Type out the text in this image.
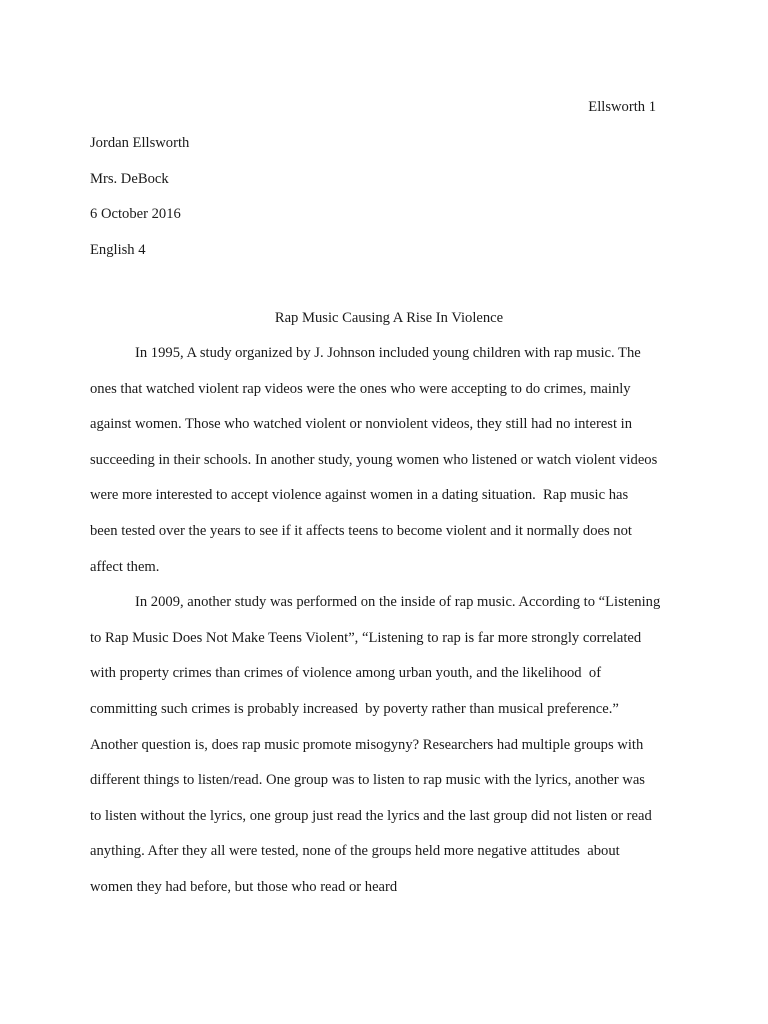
Ellsworth 1
Jordan Ellsworth
Mrs. DeBock
6 October 2016
English 4
Rap Music Causing A Rise In Violence
In 1995, A study organized by J. Johnson included young children with rap music. The
ones that watched violent rap videos were the ones who were accepting to do crimes, mainly
against women. Those who watched violent or nonviolent videos, they still had no interest in
succeeding in their schools. In another study, young women who listened or watch violent videos
were more interested to accept violence against women in a dating situation.  Rap music has
been tested over the years to see if it affects teens to become violent and it normally does not
affect them.
In 2009, another study was performed on the inside of rap music. According to “Listening
to Rap Music Does Not Make Teens Violent”, “Listening to rap is far more strongly correlated
with property crimes than crimes of violence among urban youth, and the likelihood  of
committing such crimes is probably increased  by poverty rather than musical preference.”
Another question is, does rap music promote misogyny? Researchers had multiple groups with
different things to listen/read. One group was to listen to rap music with the lyrics, another was
to listen without the lyrics, one group just read the lyrics and the last group did not listen or read
anything. After they all were tested, none of the groups held more negative attitudes  about
women they had before, but those who read or heard
